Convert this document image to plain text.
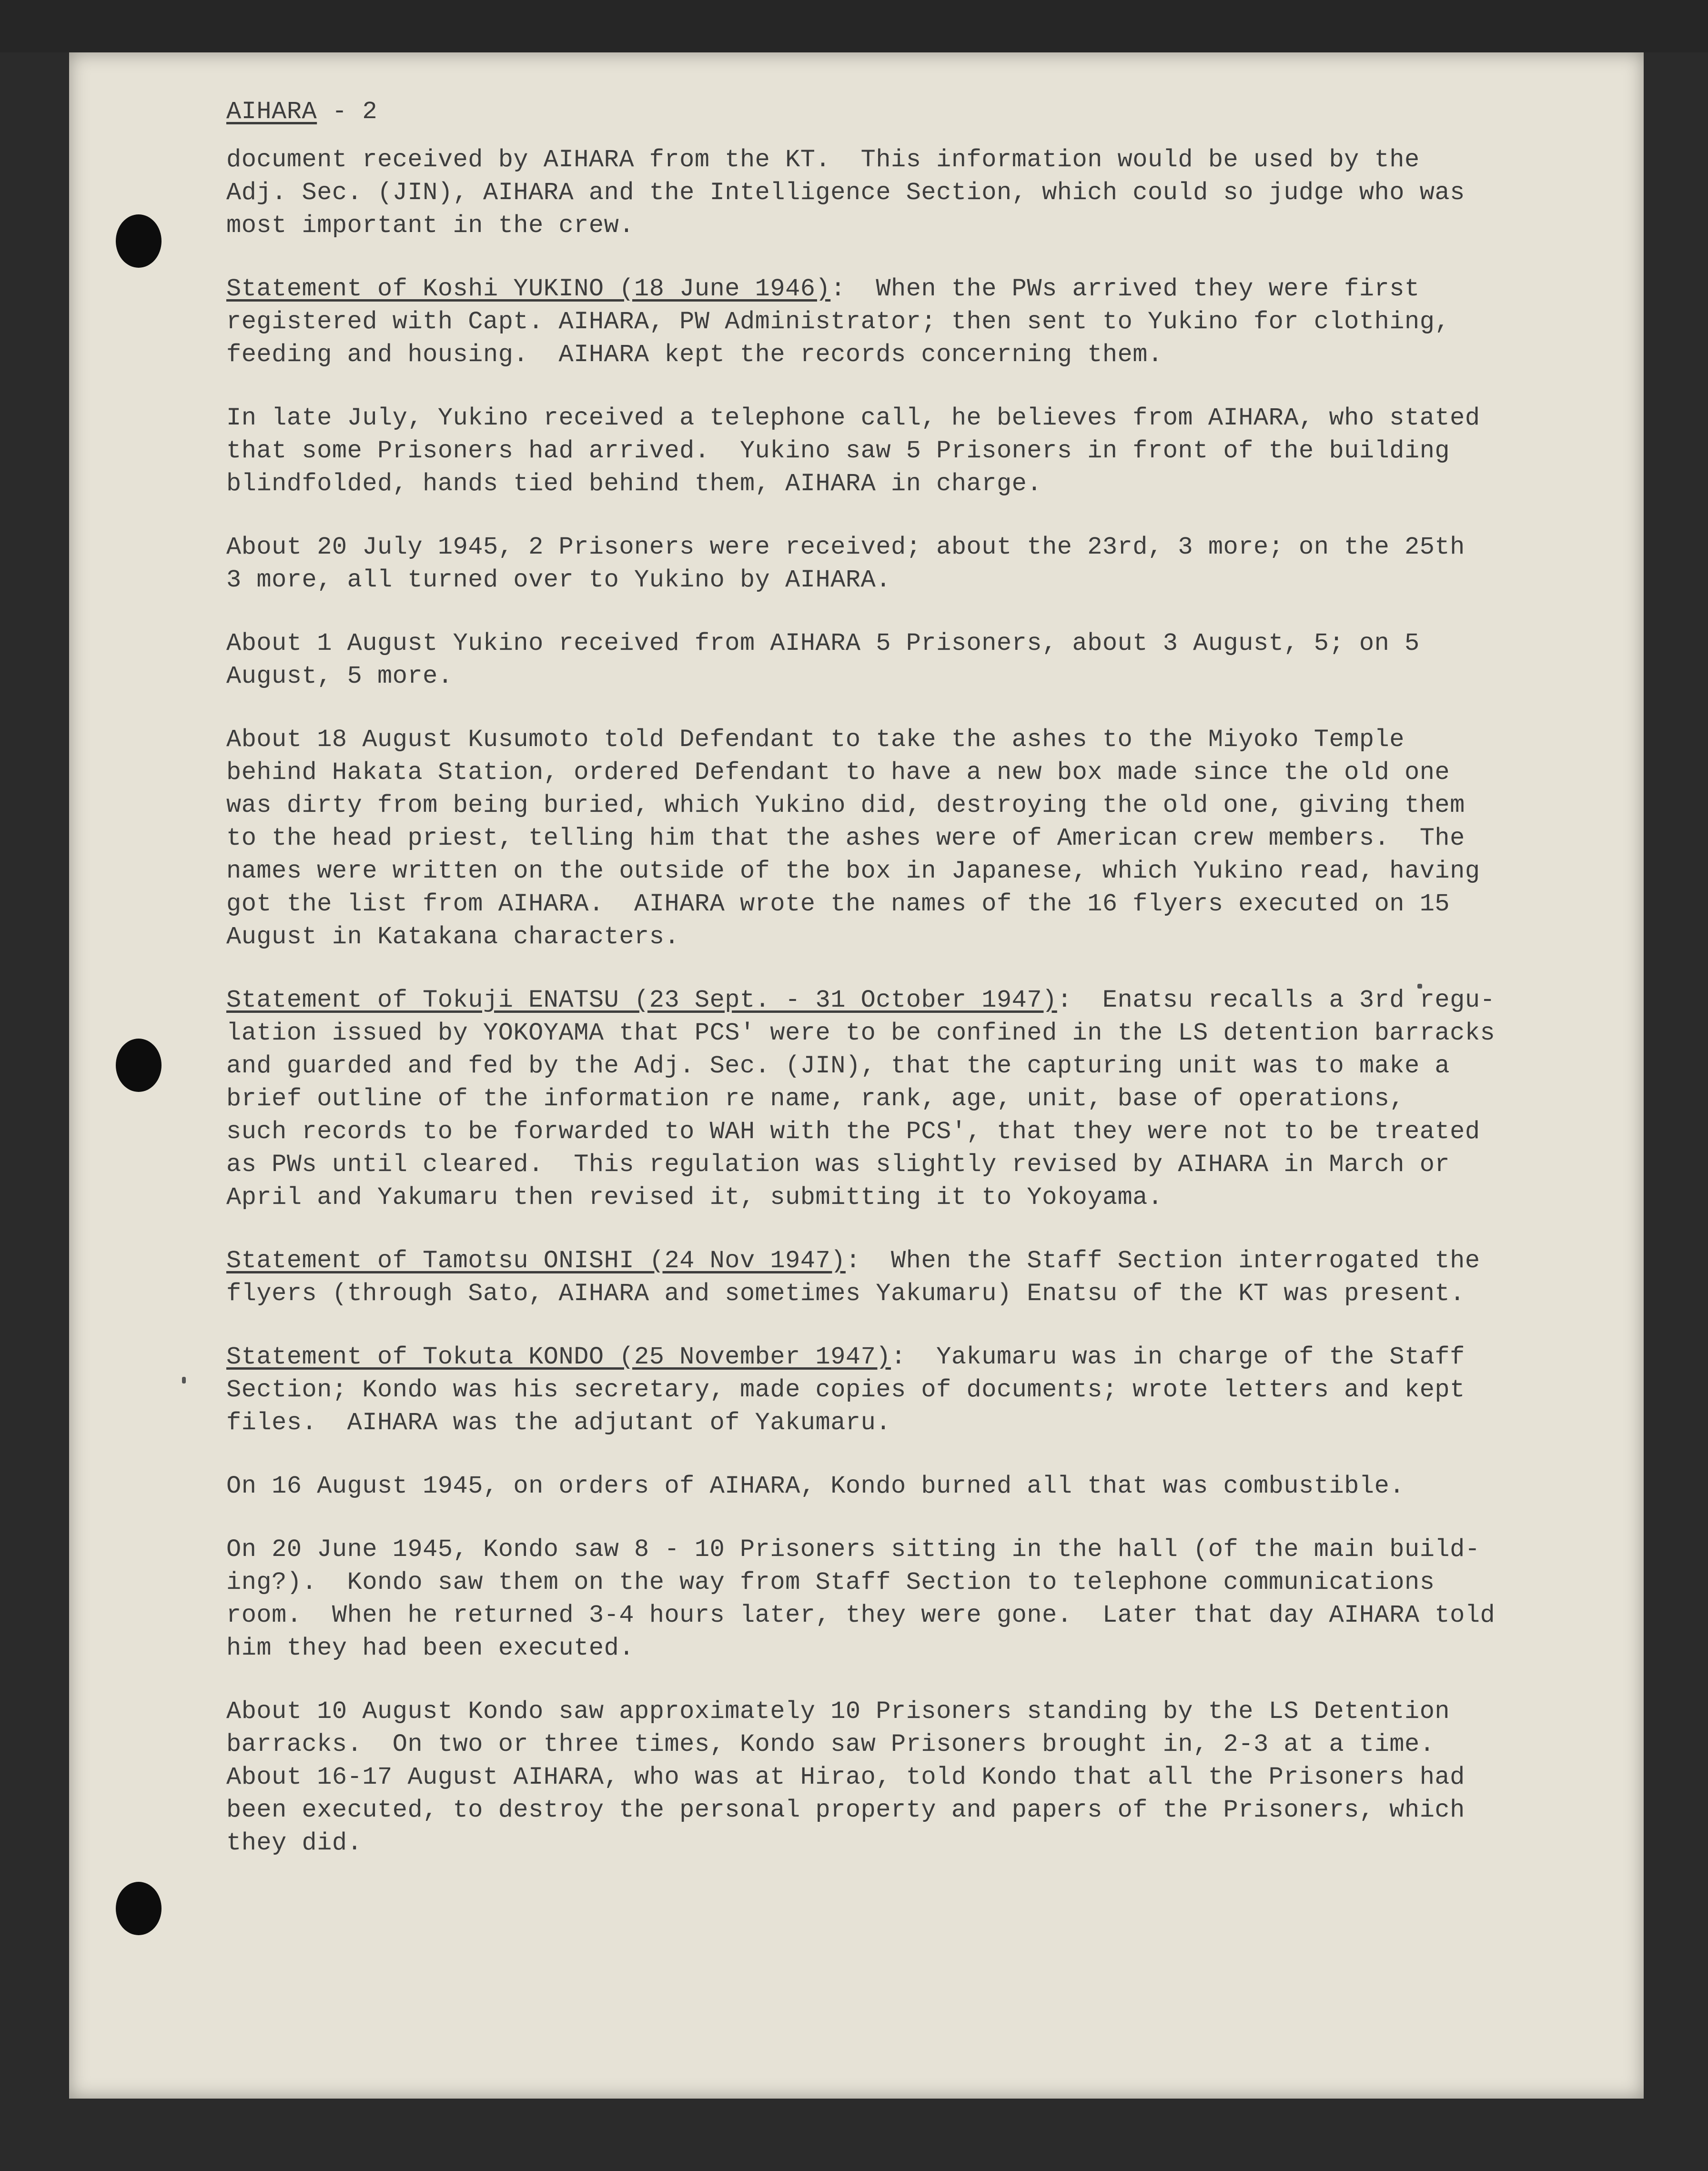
AIHARA - 2
document received by AIHARA from the KT.  This information would be used by the
Adj. Sec. (JIN), AIHARA and the Intelligence Section, which could so judge who was
most important in the crew.
Statement of Koshi YUKINO (18 June 1946):  When the PWs arrived they were first
registered with Capt. AIHARA, PW Administrator; then sent to Yukino for clothing,
feeding and housing.  AIHARA kept the records concerning them.
In late July, Yukino received a telephone call, he believes from AIHARA, who stated
that some Prisoners had arrived.  Yukino saw 5 Prisoners in front of the building
blindfolded, hands tied behind them, AIHARA in charge.
About 20 July 1945, 2 Prisoners were received; about the 23rd, 3 more; on the 25th
3 more, all turned over to Yukino by AIHARA.
About 1 August Yukino received from AIHARA 5 Prisoners, about 3 August, 5; on 5
August, 5 more.
About 18 August Kusumoto told Defendant to take the ashes to the Miyoko Temple
behind Hakata Station, ordered Defendant to have a new box made since the old one
was dirty from being buried, which Yukino did, destroying the old one, giving them
to the head priest, telling him that the ashes were of American crew members.  The
names were written on the outside of the box in Japanese, which Yukino read, having
got the list from AIHARA.  AIHARA wrote the names of the 16 flyers executed on 15
August in Katakana characters.
Statement of Tokuji ENATSU (23 Sept. - 31 October 1947):  Enatsu recalls a 3rd regu-
lation issued by YOKOYAMA that PCS' were to be confined in the LS detention barracks
and guarded and fed by the Adj. Sec. (JIN), that the capturing unit was to make a
brief outline of the information re name, rank, age, unit, base of operations,
such records to be forwarded to WAH with the PCS', that they were not to be treated
as PWs until cleared.  This regulation was slightly revised by AIHARA in March or
April and Yakumaru then revised it, submitting it to Yokoyama.
Statement of Tamotsu ONISHI (24 Nov 1947):  When the Staff Section interrogated the
flyers (through Sato, AIHARA and sometimes Yakumaru) Enatsu of the KT was present.
Statement of Tokuta KONDO (25 November 1947):  Yakumaru was in charge of the Staff
Section; Kondo was his secretary, made copies of documents; wrote letters and kept
files.  AIHARA was the adjutant of Yakumaru.
On 16 August 1945, on orders of AIHARA, Kondo burned all that was combustible.
On 20 June 1945, Kondo saw 8 - 10 Prisoners sitting in the hall (of the main build-
ing?).  Kondo saw them on the way from Staff Section to telephone communications
room.  When he returned 3-4 hours later, they were gone.  Later that day AIHARA told
him they had been executed.
About 10 August Kondo saw approximately 10 Prisoners standing by the LS Detention
barracks.  On two or three times, Kondo saw Prisoners brought in, 2-3 at a time.
About 16-17 August AIHARA, who was at Hirao, told Kondo that all the Prisoners had
been executed, to destroy the personal property and papers of the Prisoners, which
they did.
